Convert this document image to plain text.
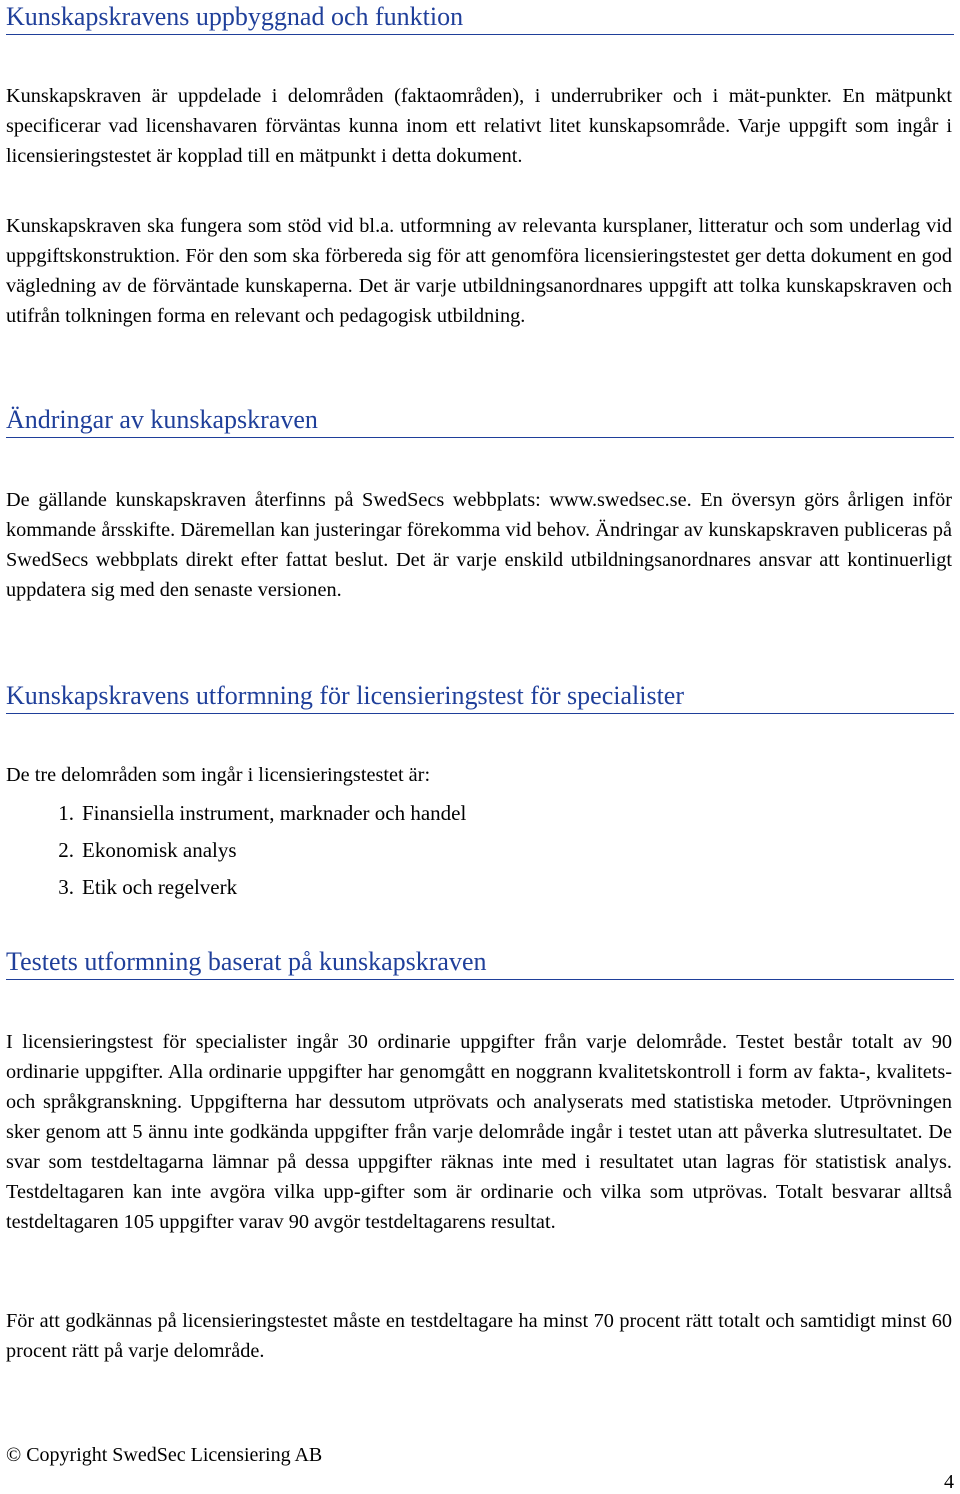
Kunskapskravens uppbyggnad och funktion

Kunskapskraven är uppdelade i delområden (faktaområden), i underrubriker och i mät-punkter. En mätpunkt specificerar vad licenshavaren förväntas kunna inom ett relativt litet kunskapsområde. Varje uppgift som ingår i licensieringstestet är kopplad till en mätpunkt i detta dokument.

Kunskapskraven ska fungera som stöd vid bl.a. utformning av relevanta kursplaner, litteratur och som underlag vid uppgiftskonstruktion. För den som ska förbereda sig för att genomföra licensieringstestet ger detta dokument en god vägledning av de förväntade kunskaperna. Det är varje utbildningsanordnares uppgift att tolka kunskapskraven och utifrån tolkningen forma en relevant och pedagogisk utbildning.

Ändringar av kunskapskraven

De gällande kunskapskraven återfinns på SwedSecs webbplats: www.swedsec.se. En översyn görs årligen inför kommande årsskifte. Däremellan kan justeringar förekomma vid behov. Ändringar av kunskapskraven publiceras på SwedSecs webbplats direkt efter fattat beslut. Det är varje enskild utbildningsanordnares ansvar att kontinuerligt uppdatera sig med den senaste versionen.

Kunskapskravens utformning för licensieringstest för specialister

De tre delområden som ingår i licensieringstestet är:

1. Finansiella instrument, marknader och handel
2. Ekonomisk analys
3. Etik och regelverk
Testets utformning baserat på kunskapskraven

I licensieringstest för specialister ingår 30 ordinarie uppgifter från varje delområde. Testet består totalt av 90 ordinarie uppgifter. Alla ordinarie uppgifter har genomgått en noggrann kvalitetskontroll i form av fakta-, kvalitets- och språkgranskning. Uppgifterna har dessutom utprövats och analyserats med statistiska metoder. Utprövningen sker genom att 5 ännu inte godkända uppgifter från varje delområde ingår i testet utan att påverka slutresultatet. De svar som testdeltagarna lämnar på dessa uppgifter räknas inte med i resultatet utan lagras för statistisk analys. Testdeltagaren kan inte avgöra vilka upp-gifter som är ordinarie och vilka som utprövas. Totalt besvarar alltså testdeltagaren 105 uppgifter varav 90 avgör testdeltagarens resultat.

För att godkännas på licensieringstestet måste en testdeltagare ha minst 70 procent rätt totalt och samtidigt minst 60 procent rätt på varje delområde.

© Copyright SwedSec Licensiering AB
4
